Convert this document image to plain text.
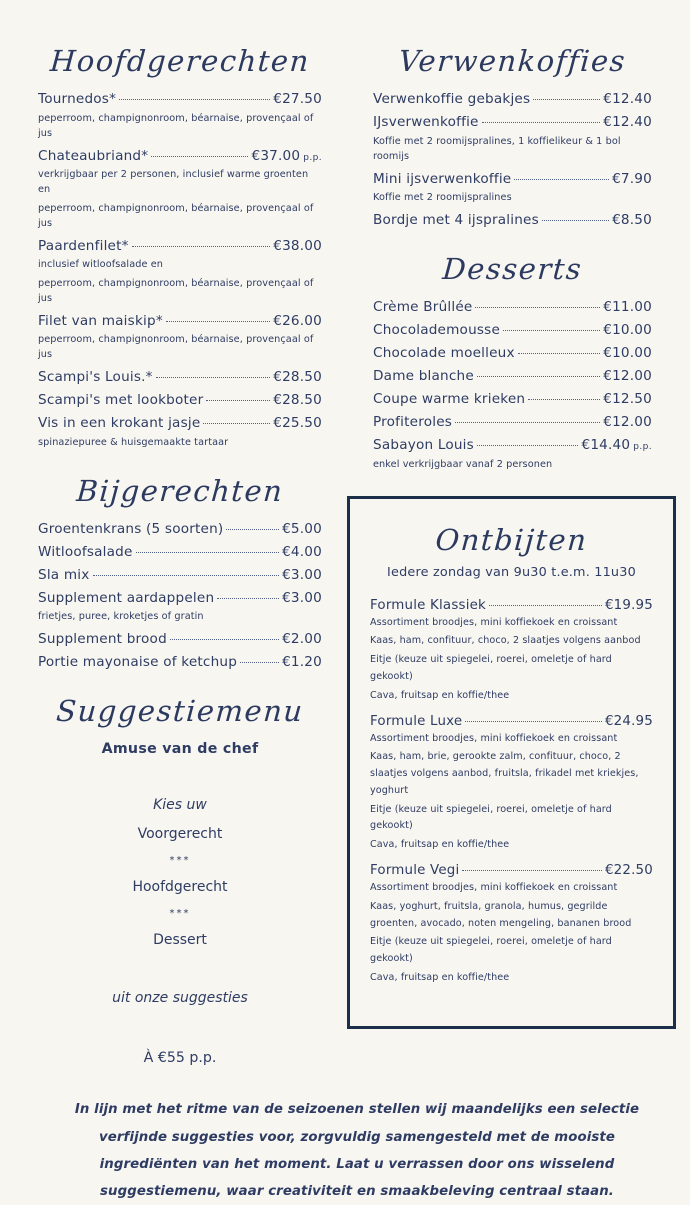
Hoofdgerechten
Tournedos*	€27.50
peperroom, champignonroom, béarnaise, provençaal of jus
Chateaubriand*	€37.00 p.p.
verkrijgbaar per 2 personen, inclusief warme groenten en
peperroom, champignonroom, béarnaise, provençaal of jus
Paardenfilet*	€38.00
inclusief witloofsalade en
peperroom, champignonroom, béarnaise, provençaal of jus
Filet van maiskip*	€26.00
peperroom, champignonroom, béarnaise, provençaal of jus
Scampi's Louis.*	€28.50
Scampi's met lookboter	€28.50
Vis in een krokant jasje	€25.50
spinaziepuree & huisgemaakte tartaar
Bijgerechten
Groentenkrans (5 soorten)	€5.00
Witloofsalade	€4.00
Sla mix	€3.00
Supplement aardappelen	€3.00
frietjes, puree, kroketjes of gratin
Supplement brood	€2.00
Portie mayonaise of ketchup	€1.20
Suggestiemenu
Amuse van de chef
Kies uw
Voorgerecht
***
Hoofdgerecht
***
Dessert
uit onze suggesties
À €55 p.p.
Verwenkoffies
Verwenkoffie gebakjes	€12.40
IJsverwenkoffie	€12.40
Koffie met 2 roomijspralines, 1 koffielikeur & 1 bol roomijs
Mini ijsverwenkoffie	€7.90
Koffie met 2 roomijspralines
Bordje met 4 ijspralines	€8.50
Desserts
Crème Brûllée	€11.00
Chocolademousse	€10.00
Chocolade moelleux	€10.00
Dame blanche	€12.00
Coupe warme krieken	€12.50
Profiteroles	€12.00
Sabayon Louis	€14.40 p.p.
enkel verkrijgbaar vanaf 2 personen
Ontbijten
Iedere zondag van 9u30 t.e.m. 11u30
Formule Klassiek	€19.95
Assortiment broodjes, mini koffiekoek en croissant
Kaas, ham, confituur, choco, 2 slaatjes volgens aanbod
Eitje (keuze uit spiegelei, roerei, omeletje of hard gekookt)
Cava, fruitsap en koffie/thee
Formule Luxe	€24.95
Assortiment broodjes, mini koffiekoek en croissant
Kaas, ham, brie, gerookte zalm, confituur, choco, 2 slaatjes volgens aanbod, fruitsla, frikadel met kriekjes, yoghurt
Eitje (keuze uit spiegelei, roerei, omeletje of hard gekookt)
Cava, fruitsap en koffie/thee
Formule Vegi	€22.50
Assortiment broodjes, mini koffiekoek en croissant
Kaas, yoghurt, fruitsla, granola, humus, gegrilde groenten, avocado, noten mengeling, bananen brood
Eitje (keuze uit spiegelei, roerei, omeletje of hard gekookt)
Cava, fruitsap en koffie/thee
In lijn met het ritme van de seizoenen stellen wij maandelijks een selectie verfijnde suggesties voor, zorgvuldig samengesteld met de mooiste ingrediënten van het moment. Laat u verrassen door ons wisselend suggestiemenu, waar creativiteit en smaakbeleving centraal staan.
